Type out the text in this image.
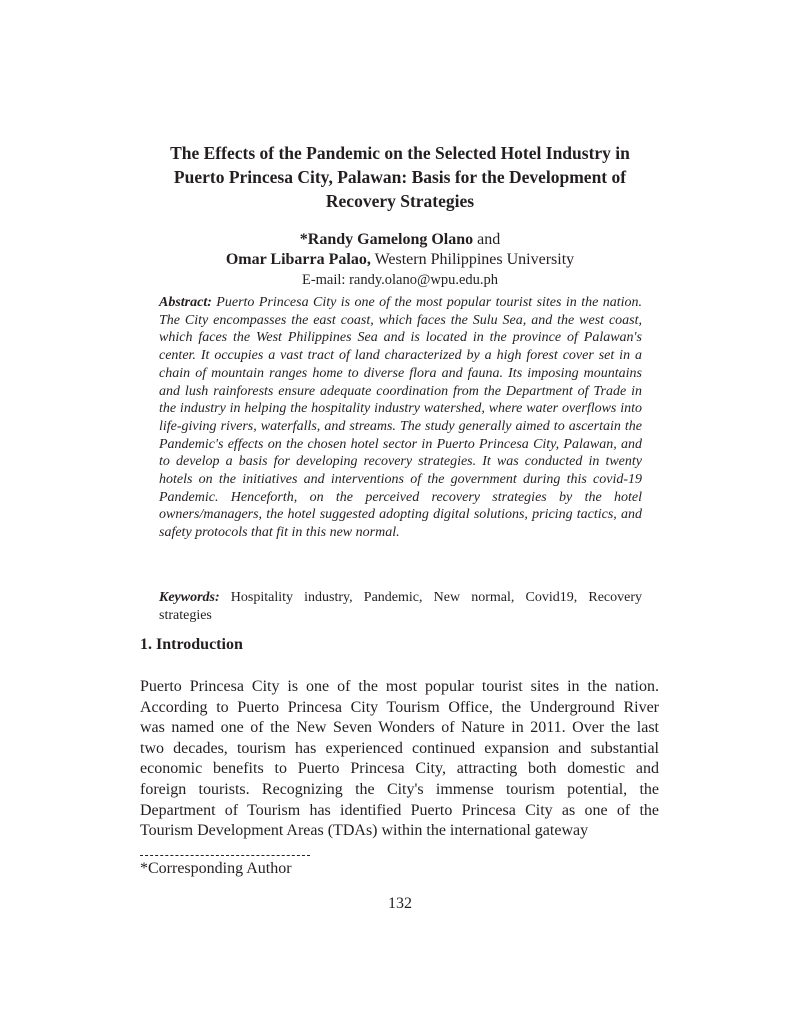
The Effects of the Pandemic on the Selected Hotel Industry in
Puerto Princesa City, Palawan: Basis for the Development of
Recovery Strategies
*Randy Gamelong Olano and
Omar Libarra Palao, Western Philippines University
E-mail: randy.olano@wpu.edu.ph
Abstract: Puerto Princesa City is one of the most popular tourist sites in the nation. The City encompasses the east coast, which faces the Sulu Sea, and the west coast, which faces the West Philippines Sea and is located in the province of Palawan's center. It occupies a vast tract of land characterized by a high forest cover set in a chain of mountain ranges home to diverse flora and fauna. Its imposing mountains and lush rainforests ensure adequate coordination from the Department of Trade in the industry in helping the hospitality industry watershed, where water overflows into life-giving rivers, waterfalls, and streams. The study generally aimed to ascertain the Pandemic's effects on the chosen hotel sector in Puerto Princesa City, Palawan, and to develop a basis for developing recovery strategies. It was conducted in twenty hotels on the initiatives and interventions of the government during this covid-19 Pandemic. Henceforth, on the perceived recovery strategies by the hotel owners/managers, the hotel suggested adopting digital solutions, pricing tactics, and safety protocols that fit in this new normal.
Keywords: Hospitality industry, Pandemic, New normal, Covid19, Recovery strategies
1. Introduction
Puerto Princesa City is one of the most popular tourist sites in the nation.
According to Puerto Princesa City Tourism Office, the Underground River
was named one of the New Seven Wonders of Nature in 2011. Over the last
two decades, tourism has experienced continued expansion and substantial
economic benefits to Puerto Princesa City, attracting both domestic and
foreign tourists. Recognizing the City's immense tourism potential, the
Department of Tourism has identified Puerto Princesa City as one of the
Tourism Development Areas (TDAs) within the international gateway
*Corresponding Author
132
